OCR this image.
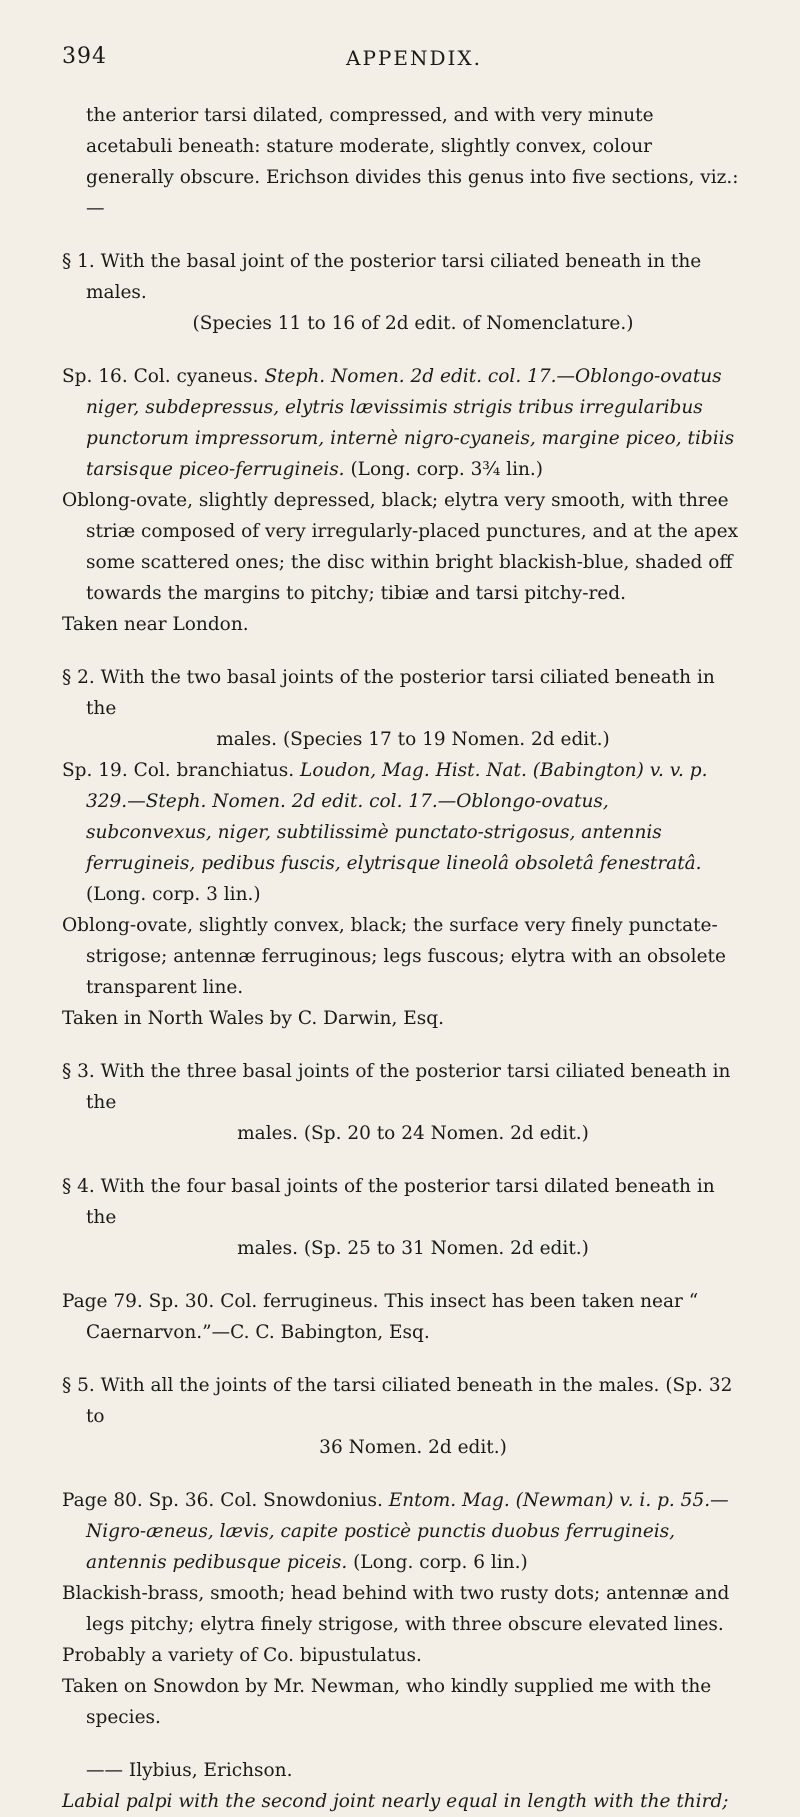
394	APPENDIX.

the anterior tarsi dilated, compressed, and with very minute acetabuli beneath: stature moderate, slightly convex, colour generally obscure. Erichson divides this genus into five sections, viz.:—

§ 1. With the basal joint of the posterior tarsi ciliated beneath in the males.
(Species 11 to 16 of 2d edit. of Nomenclature.)

Sp. 16. Col. cyaneus. Steph. Nomen. 2d edit. col. 17.—Oblongo-ovatus niger, subdepressus, elytris lævissimis strigis tribus irregularibus punctorum impressorum, internè nigro-cyaneis, margine piceo, tibiis tarsisque piceo-ferrugineis. (Long. corp. 3¾ lin.)

Oblong-ovate, slightly depressed, black; elytra very smooth, with three striæ composed of very irregularly-placed punctures, and at the apex some scattered ones; the disc within bright blackish-blue, shaded off towards the margins to pitchy; tibiæ and tarsi pitchy-red.

Taken near London.

§ 2. With the two basal joints of the posterior tarsi ciliated beneath in the
males. (Species 17 to 19 Nomen. 2d edit.)

Sp. 19. Col. branchiatus. Loudon, Mag. Hist. Nat. (Babington) v. v. p. 329.—Steph. Nomen. 2d edit. col. 17.—Oblongo-ovatus, subconvexus, niger, subtilissimè punctato-strigosus, antennis ferrugineis, pedibus fuscis, elytrisque lineolâ obsoletâ fenestratâ. (Long. corp. 3 lin.)

Oblong-ovate, slightly convex, black; the surface very finely punctate-strigose; antennæ ferruginous; legs fuscous; elytra with an obsolete transparent line.

Taken in North Wales by C. Darwin, Esq.

§ 3. With the three basal joints of the posterior tarsi ciliated beneath in the
males. (Sp. 20 to 24 Nomen. 2d edit.)

§ 4. With the four basal joints of the posterior tarsi dilated beneath in the
males. (Sp. 25 to 31 Nomen. 2d edit.)

Page 79. Sp. 30. Col. ferrugineus. This insect has been taken near “ Caernarvon.”—C. C. Babington, Esq.

§ 5. With all the joints of the tarsi ciliated beneath in the males. (Sp. 32 to
36 Nomen. 2d edit.)

Page 80. Sp. 36. Col. Snowdonius. Entom. Mag. (Newman) v. i. p. 55.—Nigro-æneus, lævis, capite posticè punctis duobus ferrugineis, antennis pedibusque piceis. (Long. corp. 6 lin.)

Blackish-brass, smooth; head behind with two rusty dots; antennæ and legs pitchy; elytra finely strigose, with three obscure elevated lines.

Probably a variety of Co. bipustulatus.

Taken on Snowdon by Mr. Newman, who kindly supplied me with the species.

—— Ilybius, Erichson.

Labial palpi with the second joint nearly equal in length with the third;
